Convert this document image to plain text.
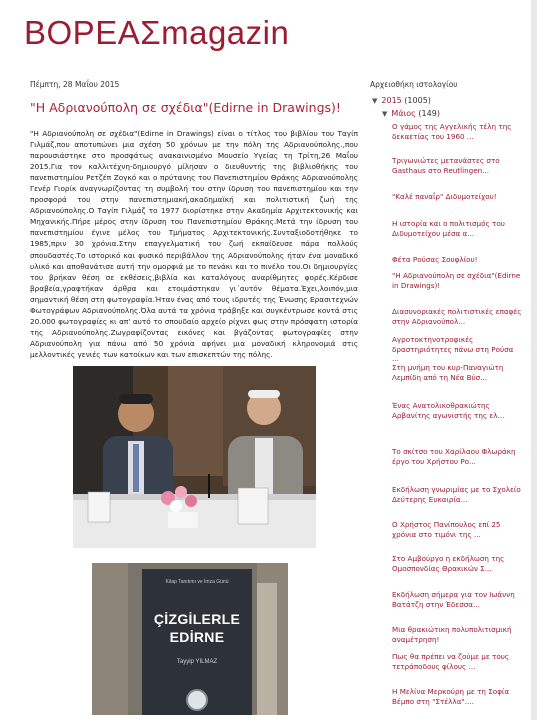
ΒΟΡΕΑΣmagazin
Πέμπτη, 28 Μαΐου 2015
"Η Αδριανούπολη σε σχέδια"(Edirne in Drawings)!

"Η Αδριανούπολη σε σχέδια"(Edirne in Drawings) είναι ο τίτλος του βιβλίου του Ταγίπ Γιλμάζ,που αποτυπώνει μια σχέση 50 χρόνων με την πόλη της Αδριανούπολης.,που παρουσιάστηκε στο προσφάτως ανακαινισμένο Μουσείο Υγείας τη Τρίτη,26 Μαΐου 2015.Για τον καλλιτέχνη-δημιουργό μίλησαν ο διευθυντής της βιβλιοθήκης του πανεπιστημίου Ρετζέπ Ζογκό και ο πρύτανης του Πανεπιστημίου Θράκης Αδριανούπολης Γενέρ Γιορίκ αναγνωρίζοντας τη συμβολή του στην ίδρυση του πανεπιστημίου και την προσφορά του στην πανεπιστημιακή,ακαδημαϊκή και πολιτιστική ζωή της Αδριανούπολης.Ο Ταγίπ Γιλμάζ το 1977 διορίστηκε στην Ακαδημία Αρχιτεκτονικής και Μηχανικής.Πήρε μέρος στην ίδρυση του Πανεπιστημίου Θράκης.Μετά την ίδρυση του πανεπιστημίου έγινε μέλος του Τμήματος Αρχιτεκτονικής.Συνταξιοδοτήθηκε το 1985,πριν 30 χρόνια.Στην επαγγελματική του ζωή εκπαίδευσε πάρα πολλούς σπουδαστές.Το ιστορικό και φυσικό περιβάλλον της Αδριανούπολης ήταν ένα μοναδικό υλικό και αποθανάτισε αυτή την ομορφιά με το πενάκι και το πινέλο του.Οι δημιουργίες του βρήκαν θέση σε εκθέσεις,βιβλία και καταλόγους αναρίθμητες φορές.Κέρδισε βραβεία,γραφτήκαν άρθρα και ετοιμάστηκαν γι΄αυτόν θέματα.Έχει,λοιπόν,μια σημαντική θέση στη φωτογραφία.Ήταν ένας από τους ιδρυτές της Ένωσης Ερασιτεχνών Φωτογράφων Αδριανούπολης.Όλα αυτά τα χρόνια τράβηξε και συγκέντρωσε κοντά στις 20.000 φωτογραφίες κι απ' αυτό το σπουδαίο αρχείο ρίχνει φως στην πρόσφατη ιστορία της Αδριανούπολης.Ζωγραφίζοντας εικόνες και βγάζοντας φωτογραφίες στην Αδριανούπολη για πάνω από 50 χρόνια αφήνει μια μοναδική κληρονομιά στις μελλοντικές γενιές των κατοίκων και των επισκεπτών της πόλης.

Kitap Tanıtımı ve İmza Günü
ÇİZGİLERLE
EDİRNE
Tayyip YILMAZ
Αρχειοθήκη ιστολογίου
▼ 2015 (1005)
▼ Μάιος (149)
Ο γάμος της Αγγελικής τέλη της δεκαετίας του 1960 ...
Τριγωνιώτες μετανάστες στο Gasthaus στο Reutlingen...
"Καλέ παναΐρ" Διδυμοτείχου!
Η ιστορία και ο πολιτισμός του Διδυμοτείχου μέσα α...
Φέτα Ρούσας Σουφλίου!
"Η Αδριανούπολη σε σχέδια"(Edirne in Drawings)!
Διασυνοριακές πολιτιστικές επαφές στην Αδριανούπολ...
Αγροτοκτηνοτροφικές δραστηριότητες πάνω στη Ρούσα ...
Στη μνήμη του κυρ-Παναγιώτη Λεμπίδη από τη Νέα Βύσ...
Ένας Ανατολικοθρακιώτης Αρβανίτης αγωνιστής της ελ...
Το σκίτσο του Χαρίλαου Φλωράκη έργο του Χρήστου Ρο...
Εκδήλωση γνωριμίας με το Σχολείο Δεύτερης Ευκαιρία...
Ο Χρήστος Πανίπουλος επί 25 χρόνια στο τιμόνι της ...
Στο Αμβούργο η εκδήλωση της Ομοσπονδίας Θρακικών Σ...
Εκδήλωση σήμερα για τον Ιωάννη Βατάτζη στην Έδεσσα...
Μια θρακιώτικη πολυπολιτισμική αναμέτρηση!
Πως θα πρέπει να ζούμε με τους τετράποδους φίλους ...
Η Μελίνα Μερκούρη με τη Σοφία Βέμπο στη "Στέλλα"....
